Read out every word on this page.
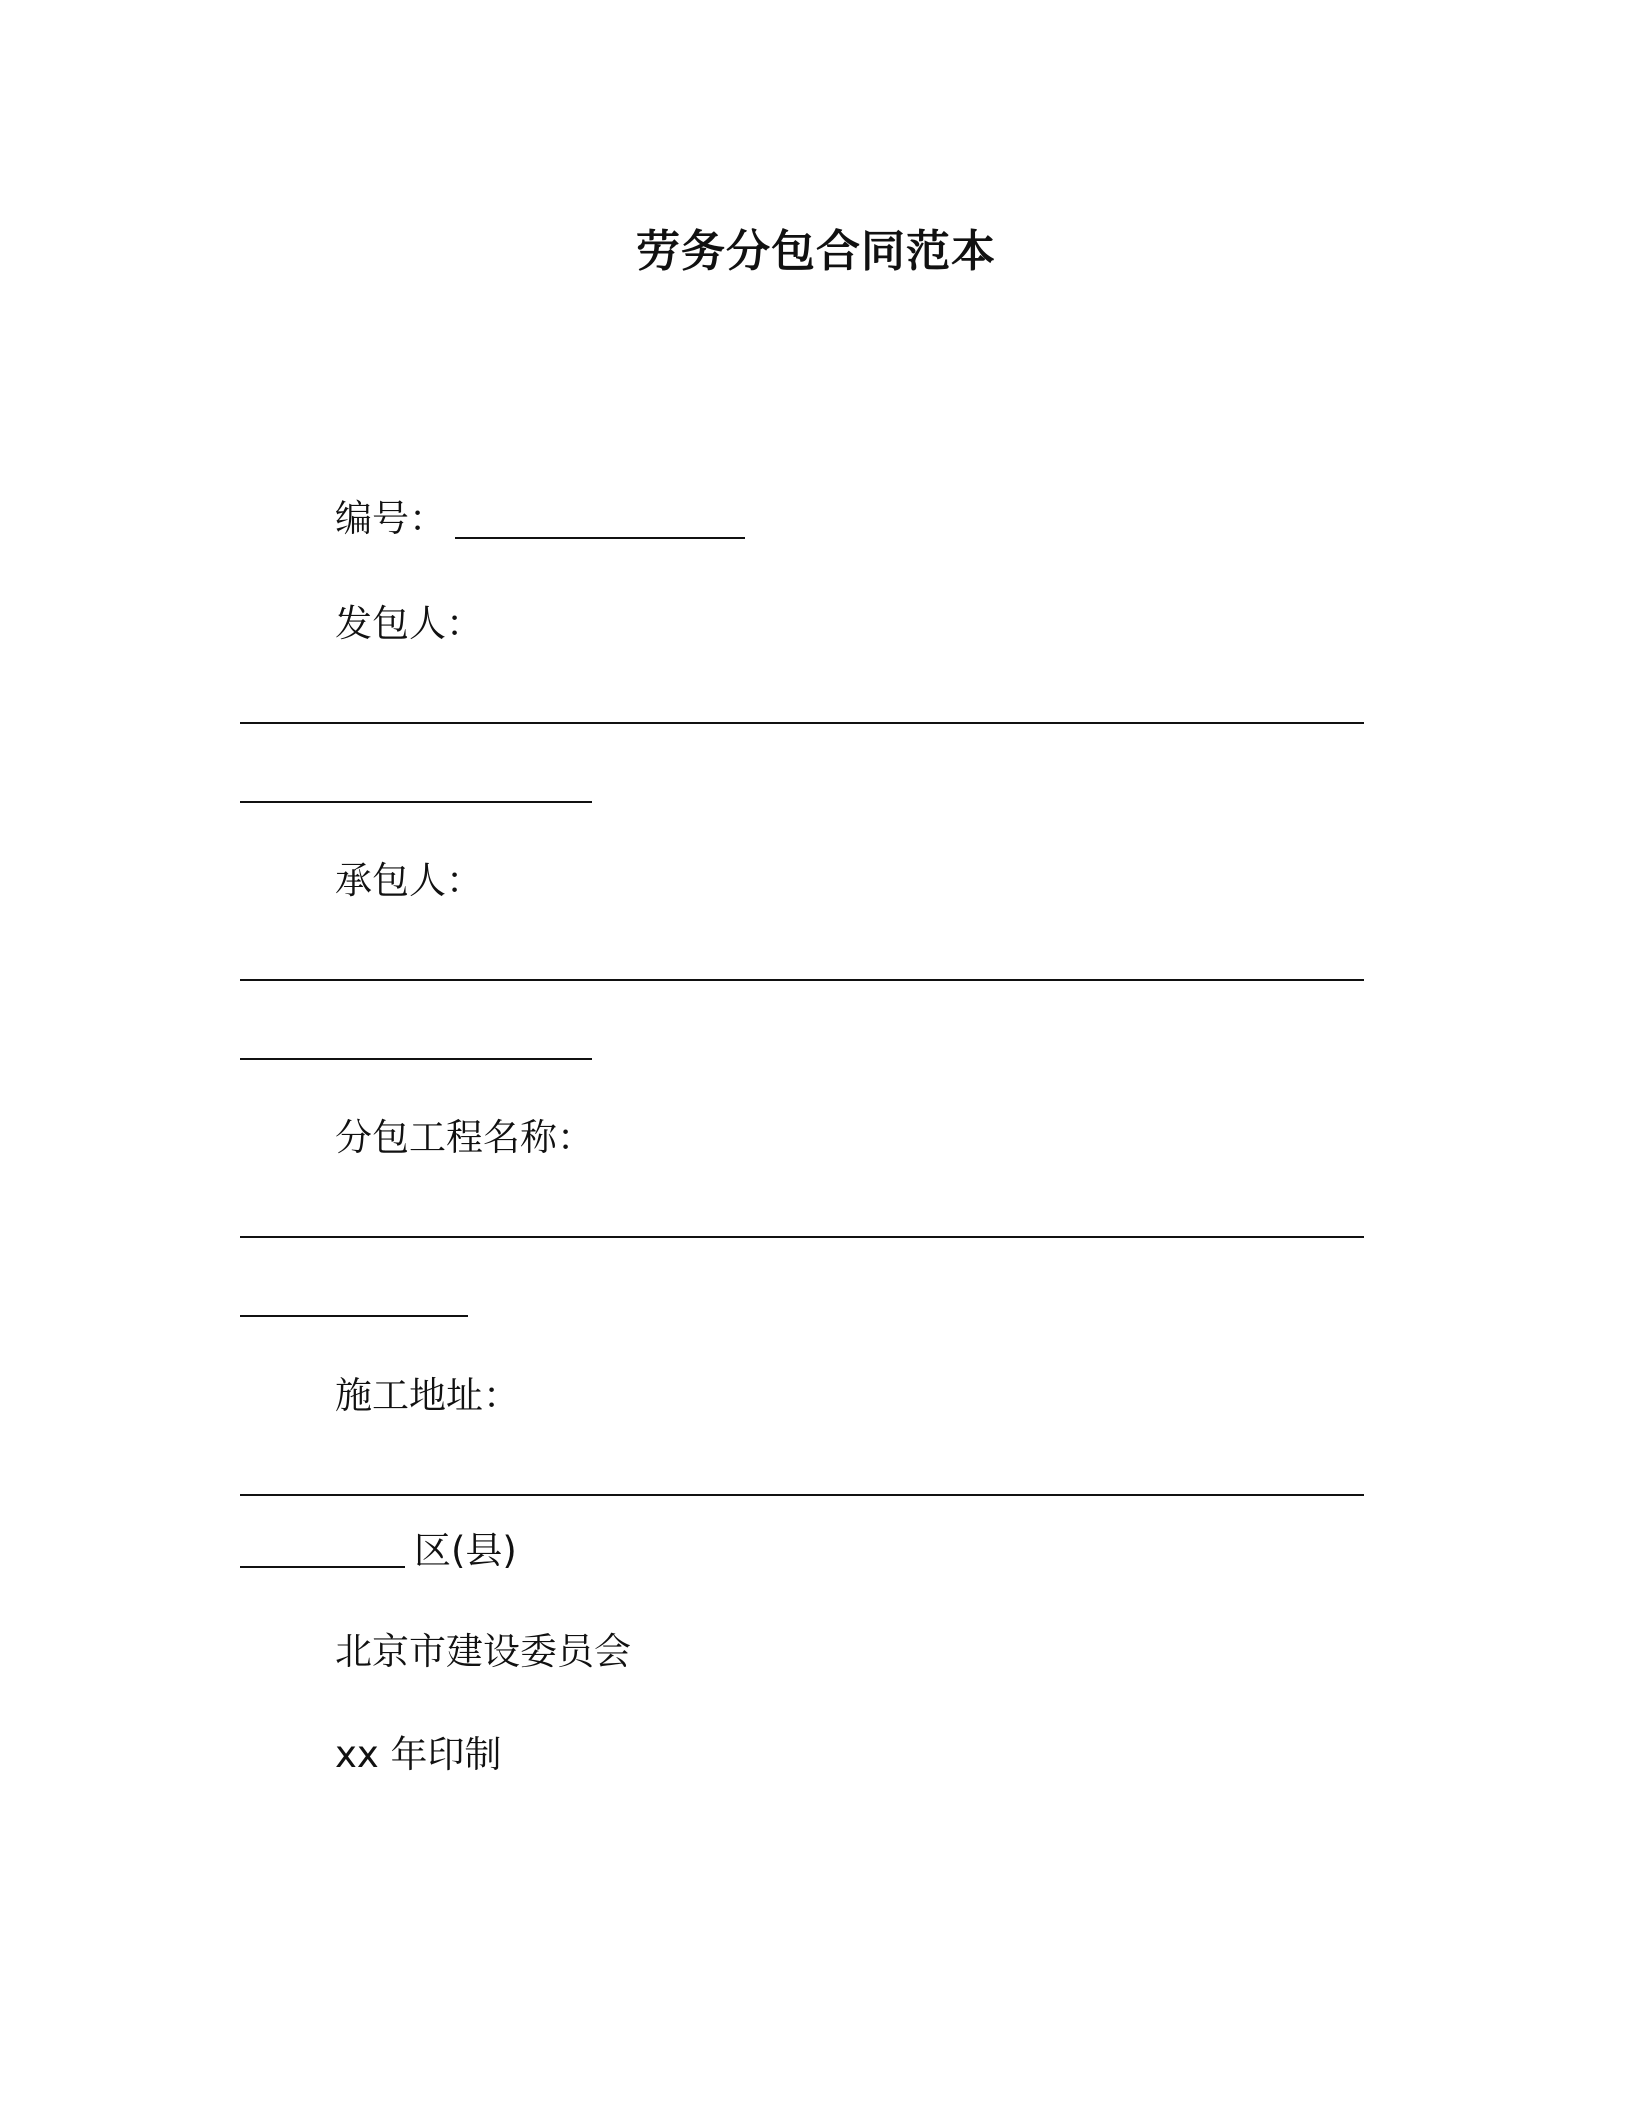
劳务分包合同范本
编号：
发包人：
承包人：
分包工程名称：
施工地址：
区(县)
北京市建设委员会
xx 年印制
